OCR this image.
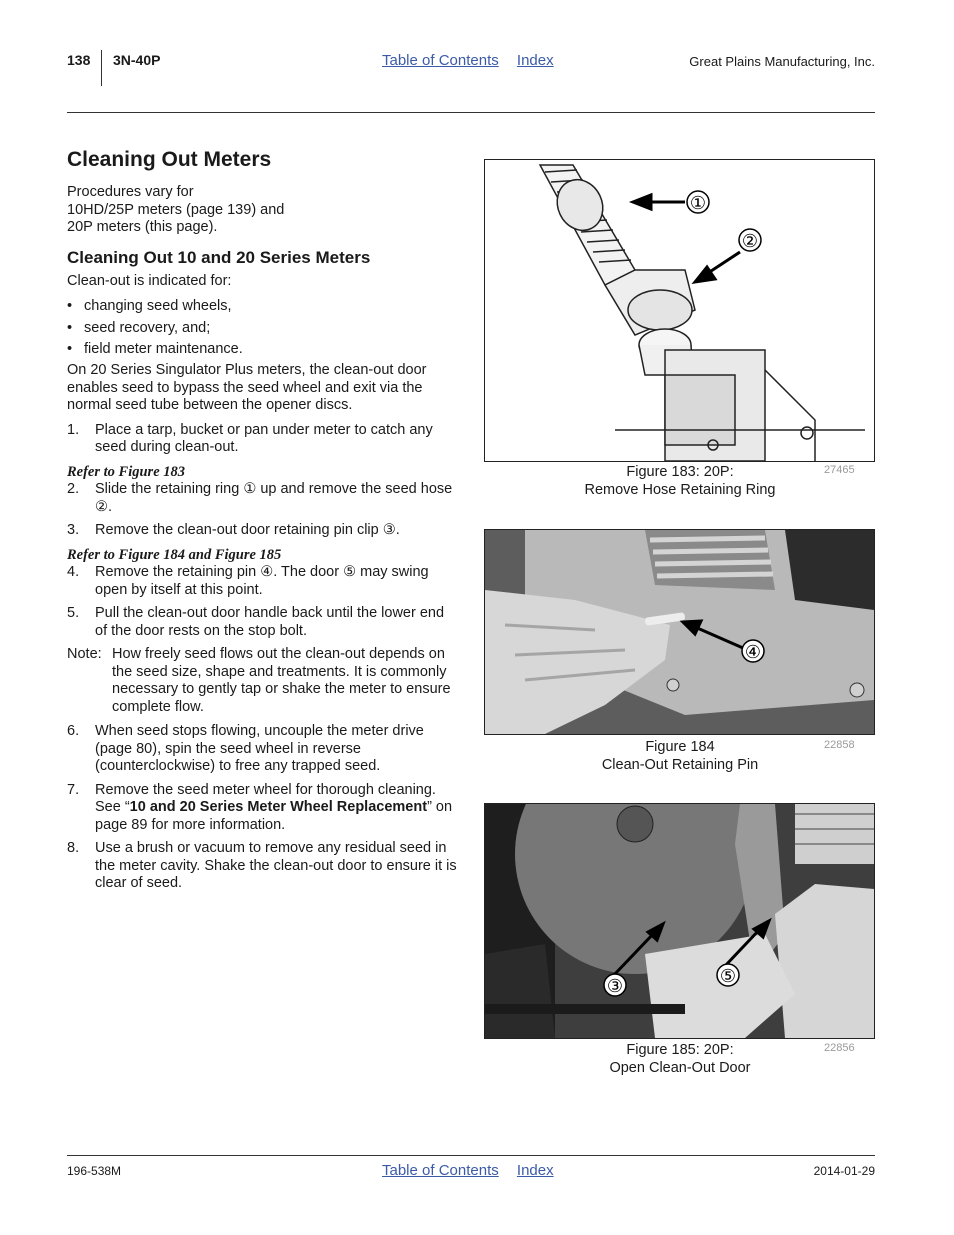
138 3N-40P	Table of Contents Index	Great Plains Manufacturing, Inc.
Cleaning Out Meters
Procedures vary for
10HD/25P meters (page 139) and
20P meters (this page).
Cleaning Out 10 and 20 Series Meters
Clean-out is indicated for:
• changing seed wheels,
• seed recovery, and;
• field meter maintenance.
On 20 Series Singulator Plus meters, the clean-out door enables seed to bypass the seed wheel and exit via the normal seed tube between the opener discs.
1. Place a tarp, bucket or pan under meter to catch any seed during clean-out.
Refer to Figure 183
2. Slide the retaining ring ① up and remove the seed hose ②.
3. Remove the clean-out door retaining pin clip ③.
Refer to Figure 184 and Figure 185
4. Remove the retaining pin ④. The door ⑤ may swing open by itself at this point.
5. Pull the clean-out door handle back until the lower end of the door rests on the stop bolt.
Note: How freely seed flows out the clean-out depends on the seed size, shape and treatments. It is commonly necessary to gently tap or shake the meter to ensure complete flow.
6. When seed stops flowing, uncouple the meter drive (page 80), spin the seed wheel in reverse (counterclockwise) to free any trapped seed.
7. Remove the seed meter wheel for thorough cleaning. See “10 and 20 Series Meter Wheel Replacement” on page 89 for more information.
8. Use a brush or vacuum to remove any residual seed in the meter cavity. Shake the clean-out door to ensure it is clear of seed.
①
②
Figure 183: 20P:
Remove Hose Retaining Ring
27465
④
Figure 184
Clean-Out Retaining Pin
22858
③	⑤
Figure 185: 20P:
Open Clean-Out Door
22856
196-538M	Table of Contents Index	2014-01-29
